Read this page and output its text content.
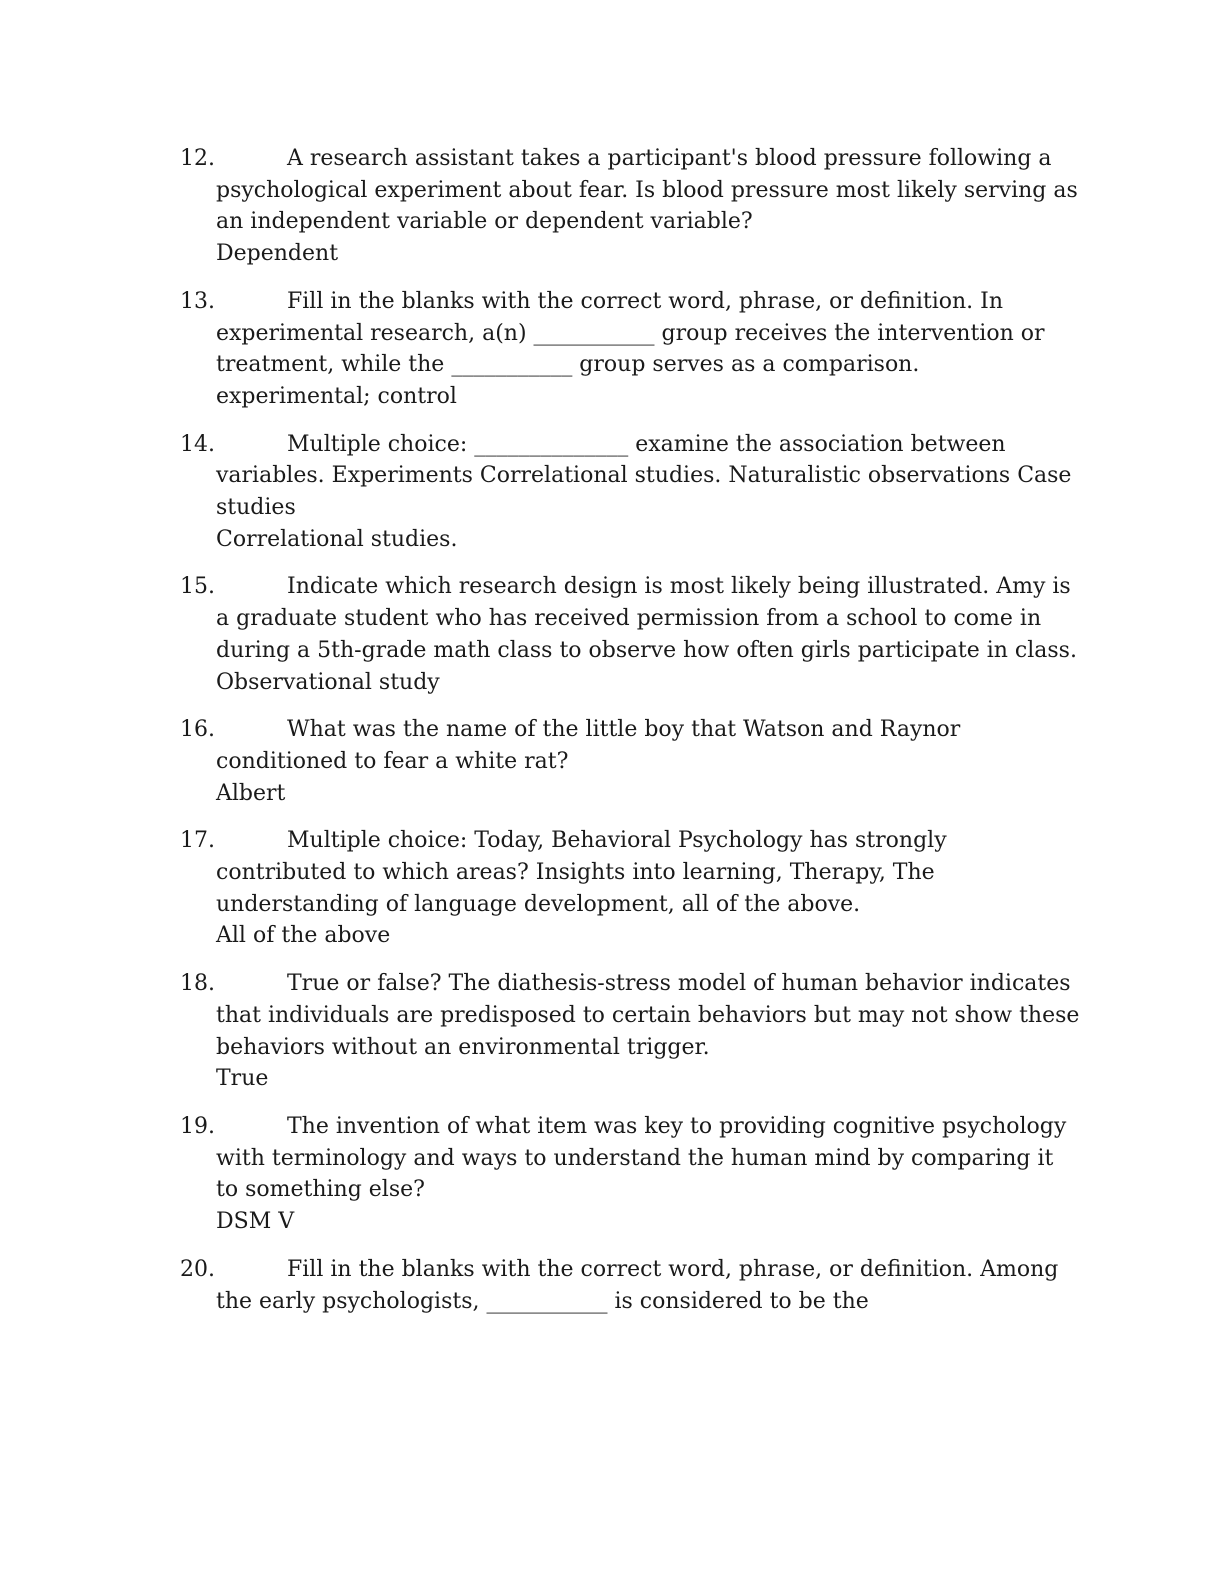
12.	A research assistant takes a participant's blood pressure following a psychological experiment about fear. Is blood pressure most likely serving as an independent variable or dependent variable?
Dependent
13.	Fill in the blanks with the correct word, phrase, or definition. In experimental research, a(n) ___________ group receives the intervention or treatment, while the ___________ group serves as a comparison.
experimental; control
14.	Multiple choice: ______________ examine the association between variables. Experiments Correlational studies. Naturalistic observations Case studies
Correlational studies.
15.	Indicate which research design is most likely being illustrated. Amy is a graduate student who has received permission from a school to come in during a 5th-grade math class to observe how often girls participate in class.
Observational study
16.	What was the name of the little boy that Watson and Raynor conditioned to fear a white rat?
Albert
17.	Multiple choice: Today, Behavioral Psychology has strongly contributed to which areas? Insights into learning, Therapy, The understanding of language development, all of the above.
All of the above
18.	True or false? The diathesis-stress model of human behavior indicates that individuals are predisposed to certain behaviors but may not show these behaviors without an environmental trigger.
True
19.	The invention of what item was key to providing cognitive psychology with terminology and ways to understand the human mind by comparing it to something else?
DSM V
20.	Fill in the blanks with the correct word, phrase, or definition. Among the early psychologists, ___________ is considered to be the
